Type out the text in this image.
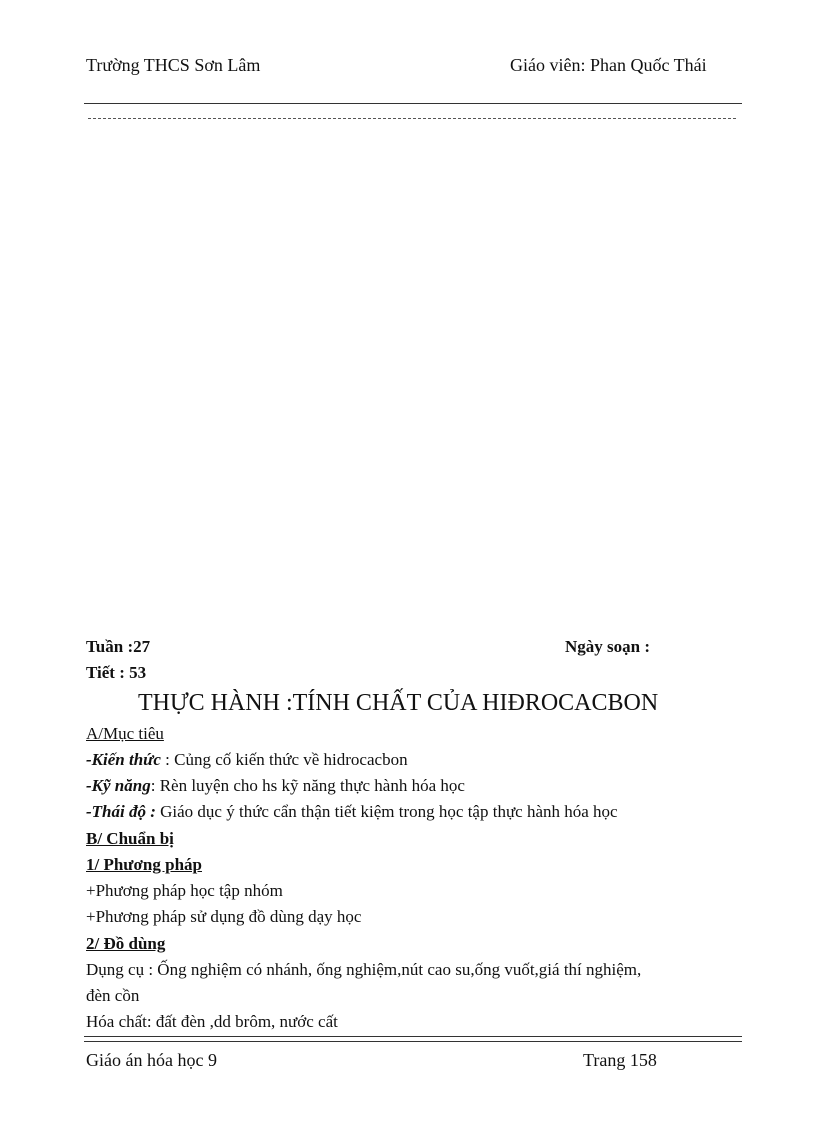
Trường THCS Sơn Lâm	Giáo viên: Phan Quốc Thái
Tuần :27	Ngày soạn :
Tiết : 53
THỰC HÀNH :TÍNH CHẤT CỦA HIĐROCACBON
A/Mục tiêu
-Kiến thức : Củng cố kiến thức về hidrocacbon
-Kỹ năng: Rèn luyện cho hs kỹ năng thực hành hóa học
-Thái độ : Giáo dục ý thức cẩn thận tiết kiệm trong học tập thực hành hóa học
B/ Chuẩn bị
1/ Phương pháp
+Phương pháp học tập nhóm
+Phương pháp sử dụng đồ dùng dạy học
2/ Đồ dùng
Dụng cụ : Ống nghiệm có nhánh, ống nghiệm,nút cao su,ống vuốt,giá thí nghiệm,
đèn cồn
Hóa chất: đất đèn ,dd brôm, nước cất
Giáo án hóa học 9	Trang 158
